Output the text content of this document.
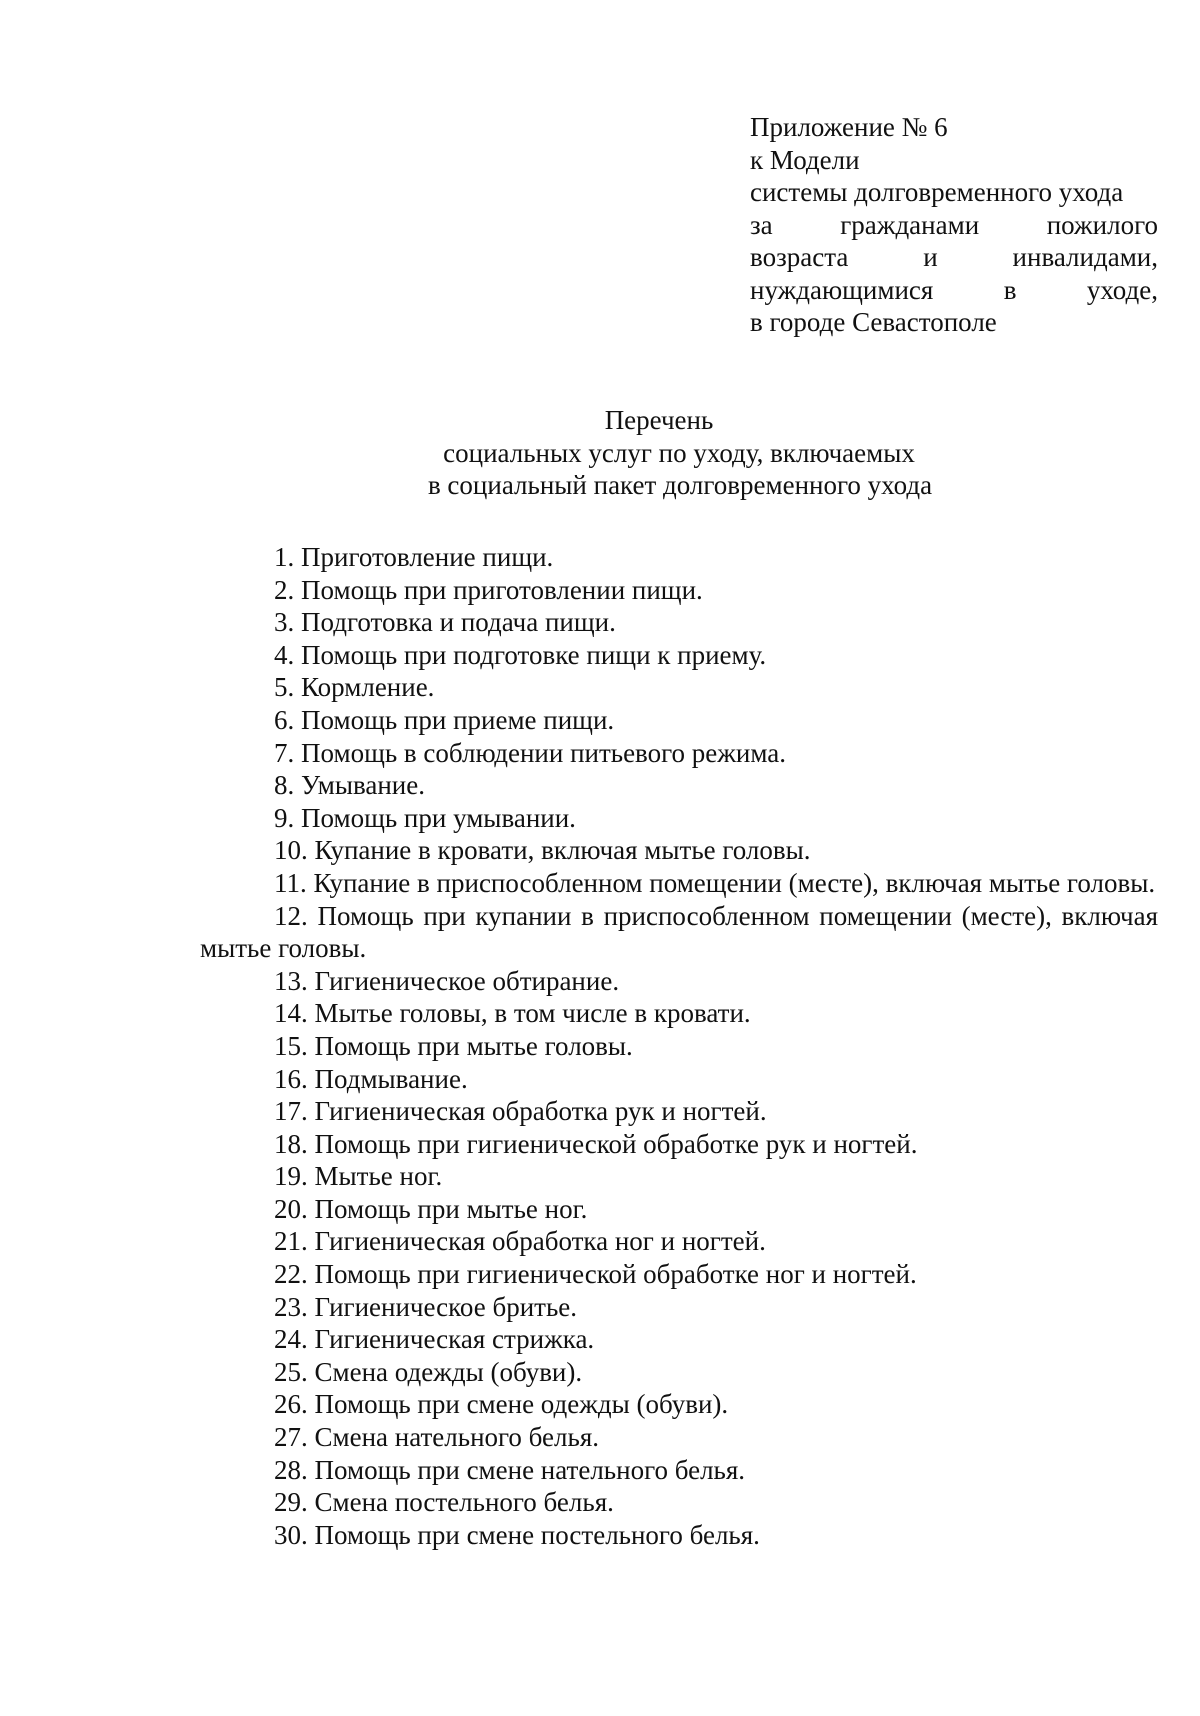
Приложение № 6
к Модели
системы долговременного ухода
за	гражданами	пожилого
возраста	и	инвалидами,
нуждающимися	в	уходе,
в городе Севастополе
Перечень
социальных услуг по уходу, включаемых
в социальный пакет долговременного ухода
1. Приготовление пищи.
2. Помощь при приготовлении пищи.
3. Подготовка и подача пищи.
4. Помощь при подготовке пищи к приему.
5. Кормление.
6. Помощь при приеме пищи.
7. Помощь в соблюдении питьевого режима.
8. Умывание.
9. Помощь при умывании.
10. Купание в кровати, включая мытье головы.
11. Купание в приспособленном помещении (месте), включая мытье головы.
12. Помощь при купании в приспособленном помещении (месте), включая мытье головы.
13. Гигиеническое обтирание.
14. Мытье головы, в том числе в кровати.
15. Помощь при мытье головы.
16. Подмывание.
17. Гигиеническая обработка рук и ногтей.
18. Помощь при гигиенической обработке рук и ногтей.
19. Мытье ног.
20. Помощь при мытье ног.
21. Гигиеническая обработка ног и ногтей.
22. Помощь при гигиенической обработке ног и ногтей.
23. Гигиеническое бритье.
24. Гигиеническая стрижка.
25. Смена одежды (обуви).
26. Помощь при смене одежды (обуви).
27. Смена нательного белья.
28. Помощь при смене нательного белья.
29. Смена постельного белья.
30. Помощь при смене постельного белья.
